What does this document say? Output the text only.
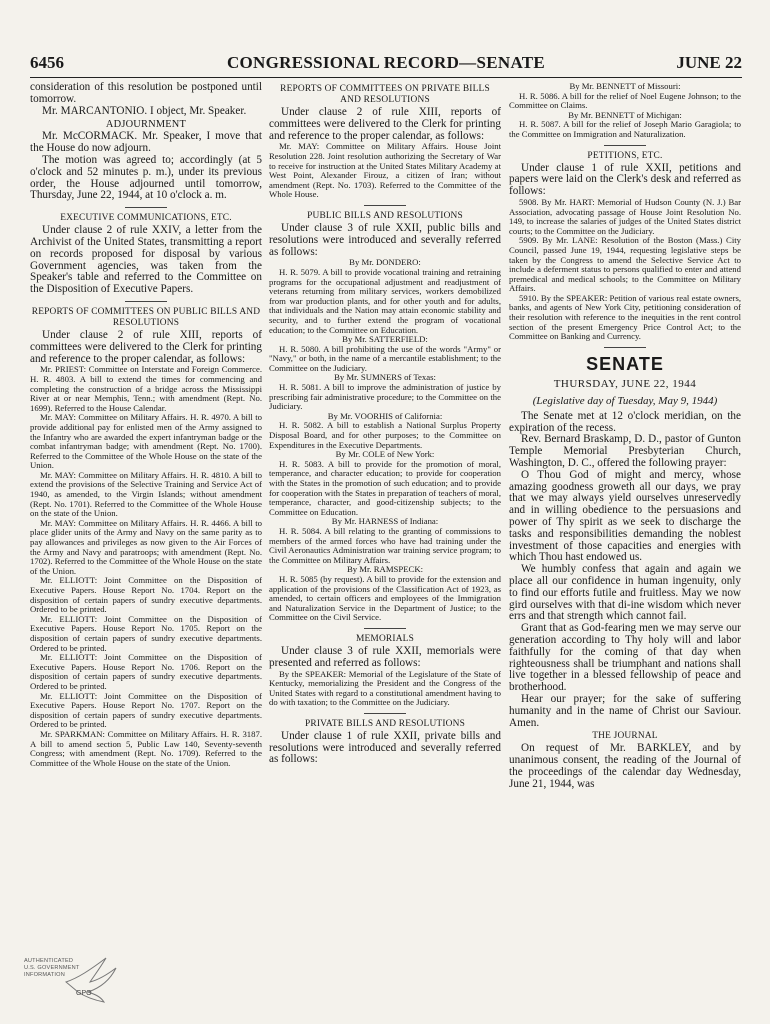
6456	CONGRESSIONAL RECORD—SENATE	JUNE 22

consideration of this resolution be postponed until tomorrow.

Mr. MARCANTONIO. I object, Mr. Speaker.

ADJOURNMENT

Mr. McCORMACK. Mr. Speaker, I move that the House do now adjourn.

The motion was agreed to; accordingly (at 5 o'clock and 52 minutes p. m.), under its previous order, the House adjourned until tomorrow, Thursday, June 22, 1944, at 10 o'clock a. m.

EXECUTIVE COMMUNICATIONS, ETC.

Under clause 2 of rule XXIV, a letter from the Archivist of the United States, transmitting a report on records proposed for disposal by various Government agencies, was taken from the Speaker's table and referred to the Committee on the Disposition of Executive Papers.

REPORTS OF COMMITTEES ON PUBLIC BILLS AND RESOLUTIONS

Under clause 2 of rule XIII, reports of committees were delivered to the Clerk for printing and reference to the proper calendar, as follows:

Mr. PRIEST: Committee on Interstate and Foreign Commerce. H. R. 4803. A bill to extend the times for commencing and completing the construction of a bridge across the Mississippi River at or near Memphis, Tenn.; with amendment (Rept. No. 1699). Referred to the House Calendar.

Mr. MAY: Committee on Military Affairs. H. R. 4970. A bill to provide additional pay for enlisted men of the Army assigned to the Infantry who are awarded the expert infantryman badge or the combat infantryman badge; with amendment (Rept. No. 1700). Referred to the Committee of the Whole House on the state of the Union.

Mr. MAY: Committee on Military Affairs. H. R. 4810. A bill to extend the provisions of the Selective Training and Service Act of 1940, as amended, to the Virgin Islands; without amendment (Rept. No. 1701). Referred to the Committee of the Whole House on the state of the Union.

Mr. MAY: Committee on Military Affairs. H. R. 4466. A bill to place glider units of the Army and Navy on the same parity as to pay allowances and privileges as now given to the Air Forces of the Army and Navy and paratroops; with amendment (Rept. No. 1702). Referred to the Committee of the Whole House on the state of the Union.

Mr. ELLIOTT: Joint Committee on the Disposition of Executive Papers. House Report No. 1704. Report on the disposition of certain papers of sundry executive departments. Ordered to be printed.

Mr. ELLIOTT: Joint Committee on the Disposition of Executive Papers. House Report No. 1705. Report on the disposition of certain papers of sundry executive departments. Ordered to be printed.

Mr. ELLIOTT: Joint Committee on the Disposition of Executive Papers. House Report No. 1706. Report on the disposition of certain papers of sundry executive departments. Ordered to be printed.

Mr. ELLIOTT: Joint Committee on the Disposition of Executive Papers. House Report No. 1707. Report on the disposition of certain papers of sundry executive departments. Ordered to be printed.

Mr. SPARKMAN: Committee on Military Affairs. H. R. 3187. A bill to amend section 5, Public Law 140, Seventy-seventh Congress; with amendment (Rept. No. 1709). Referred to the Committee of the Whole House on the state of the Union.

REPORTS OF COMMITTEES ON PRIVATE BILLS AND RESOLUTIONS

Under clause 2 of rule XIII, reports of committees were delivered to the Clerk for printing and reference to the proper calendar, as follows:

Mr. MAY: Committee on Military Affairs. House Joint Resolution 228. Joint resolution authorizing the Secretary of War to receive for instruction at the United States Military Academy at West Point, Alexander Firouz, a citizen of Iran; without amendment (Rept. No. 1703). Referred to the Committee of the Whole House.

PUBLIC BILLS AND RESOLUTIONS

Under clause 3 of rule XXII, public bills and resolutions were introduced and severally referred as follows:

By Mr. DONDERO:

H. R. 5079. A bill to provide vocational training and retraining programs for the occupational adjustment and readjustment of veterans returning from military services, workers demobilized from war production plants, and for other youth and for adults, that individuals and the Nation may attain economic stability and security, and to further extend the program of vocational education; to the Committee on Education.

By Mr. SATTERFIELD:

H. R. 5080. A bill prohibiting the use of the words "Army" or "Navy," or both, in the name of a mercantile establishment; to the Committee on the Judiciary.

By Mr. SUMNERS of Texas:

H. R. 5081. A bill to improve the administration of justice by prescribing fair administrative procedure; to the Committee on the Judiciary.

By Mr. VOORHIS of California:

H. R. 5082. A bill to establish a National Surplus Property Disposal Board, and for other purposes; to the Committee on Expenditures in the Executive Departments.

By Mr. COLE of New York:

H. R. 5083. A bill to provide for the promotion of moral, temperance, and character education; to provide for cooperation with the States in the promotion of such education; and to provide for cooperation with the States in preparation of teachers of moral, temperance, character, and good-citizenship subjects; to the Committee on Education.

By Mr. HARNESS of Indiana:

H. R. 5084. A bill relating to the granting of commissions to members of the armed forces who have had training under the Civil Aeronautics Administration war training service program; to the Committee on Military Affairs.

By Mr. RAMSPECK:

H. R. 5085 (by request). A bill to provide for the extension and application of the provisions of the Classification Act of 1923, as amended, to certain officers and employees of the Immigration and Naturalization Service in the Department of Justice; to the Committee on the Civil Service.

MEMORIALS

Under clause 3 of rule XXII, memorials were presented and referred as follows:

By the SPEAKER: Memorial of the Legislature of the State of Kentucky, memorializing the President and the Congress of the United States with regard to a constitutional amendment having to do with taxation; to the Committee on the Judiciary.

PRIVATE BILLS AND RESOLUTIONS

Under clause 1 of rule XXII, private bills and resolutions were introduced and severally referred as follows:

By Mr. BENNETT of Missouri:

H. R. 5086. A bill for the relief of Noel Eugene Johnson; to the Committee on Claims.

By Mr. BENNETT of Michigan:

H. R. 5087. A bill for the relief of Joseph Mario Garagiola; to the Committee on Immigration and Naturalization.

PETITIONS, ETC.

Under clause 1 of rule XXII, petitions and papers were laid on the Clerk's desk and referred as follows:

5908. By Mr. HART: Memorial of Hudson County (N. J.) Bar Association, advocating passage of House Joint Resolution No. 149, to increase the salaries of judges of the United States district courts; to the Committee on the Judiciary.

5909. By Mr. LANE: Resolution of the Boston (Mass.) City Council, passed June 19, 1944, requesting legislative steps be taken by the Congress to amend the Selective Service Act to include a deferment status to persons qualified to enter and attend premedical and medical schools; to the Committee on Military Affairs.

5910. By the SPEAKER: Petition of various real estate owners, banks, and agents of New York City, petitioning consideration of their resolution with reference to the inequities in the rent control section of the present Emergency Price Control Act; to the Committee on Banking and Currency.

SENATE

THURSDAY, JUNE 22, 1944

(Legislative day of Tuesday, May 9, 1944)

The Senate met at 12 o'clock meridian, on the expiration of the recess.

Rev. Bernard Braskamp, D. D., pastor of Gunton Temple Memorial Presbyterian Church, Washington, D. C., offered the following prayer:

O Thou God of might and mercy, whose amazing goodness groweth all our days, we pray that we may always yield ourselves unreservedly and in willing obedience to the persuasions and power of Thy spirit as we seek to discharge the tasks and responsibilities demanding the noblest investment of those capacities and energies with which Thou hast endowed us.

We humbly confess that again and again we place all our confidence in human ingenuity, only to find our efforts futile and fruitless. May we now gird ourselves with that di-ine wisdom which never errs and that strength which cannot fail.

Grant that as God-fearing men we may serve our generation according to Thy holy will and labor faithfully for the coming of that day when righteousness shall be triumphant and nations shall live together in a blessed fellowship of peace and brotherhood.

Hear our prayer; for the sake of suffering humanity and in the name of Christ our Saviour. Amen.

THE JOURNAL

On request of Mr. BARKLEY, and by unanimous consent, the reading of the Journal of the proceedings of the calendar day Wednesday, June 21, 1944, was

AUTHENTICATED
U.S. GOVERNMENT
INFORMATION
GPO
